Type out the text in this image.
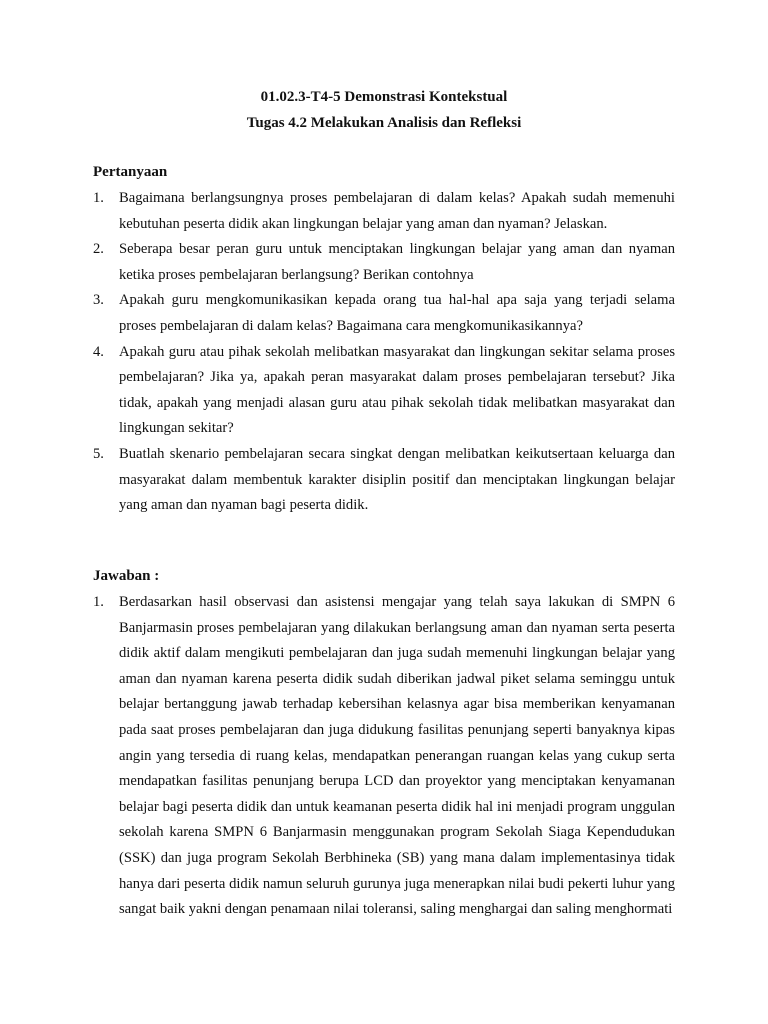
01.02.3-T4-5 Demonstrasi Kontekstual
Tugas 4.2 Melakukan Analisis dan Refleksi
Pertanyaan
1.	Bagaimana berlangsungnya proses pembelajaran di dalam kelas? Apakah sudah memenuhi kebutuhan peserta didik akan lingkungan belajar yang aman dan nyaman? Jelaskan.
2.	Seberapa besar peran guru untuk menciptakan lingkungan belajar yang aman dan nyaman ketika proses pembelajaran berlangsung? Berikan contohnya
3.	Apakah guru mengkomunikasikan kepada orang tua hal-hal apa saja yang terjadi selama proses pembelajaran di dalam kelas? Bagaimana cara mengkomunikasikannya?
4.	Apakah guru atau pihak sekolah melibatkan masyarakat dan lingkungan sekitar selama proses pembelajaran? Jika ya, apakah peran masyarakat dalam proses pembelajaran tersebut? Jika tidak, apakah yang menjadi alasan guru atau pihak sekolah tidak melibatkan masyarakat dan lingkungan sekitar?
5.	Buatlah skenario pembelajaran secara singkat dengan melibatkan keikutsertaan keluarga dan masyarakat dalam membentuk karakter disiplin positif dan menciptakan lingkungan belajar yang aman dan nyaman bagi peserta didik.
Jawaban :
1.	Berdasarkan hasil observasi dan asistensi mengajar yang telah saya lakukan di SMPN 6 Banjarmasin proses pembelajaran yang dilakukan berlangsung aman dan nyaman serta peserta didik aktif dalam mengikuti pembelajaran dan juga sudah memenuhi lingkungan belajar yang aman dan nyaman karena peserta didik sudah diberikan jadwal piket selama seminggu untuk belajar bertanggung jawab terhadap kebersihan kelasnya agar bisa memberikan kenyamanan pada saat proses pembelajaran dan juga didukung fasilitas penunjang seperti banyaknya kipas angin yang tersedia di ruang kelas, mendapatkan penerangan ruangan kelas yang cukup serta mendapatkan fasilitas penunjang berupa LCD dan proyektor yang menciptakan kenyamanan belajar bagi peserta didik dan untuk keamanan peserta didik hal ini menjadi program unggulan sekolah karena SMPN 6 Banjarmasin menggunakan program Sekolah Siaga Kependudukan (SSK) dan juga program Sekolah Berbhineka (SB) yang mana dalam implementasinya tidak hanya dari peserta didik namun seluruh gurunya juga menerapkan nilai budi pekerti luhur yang sangat baik yakni dengan penamaan nilai toleransi, saling menghargai dan saling menghormati
